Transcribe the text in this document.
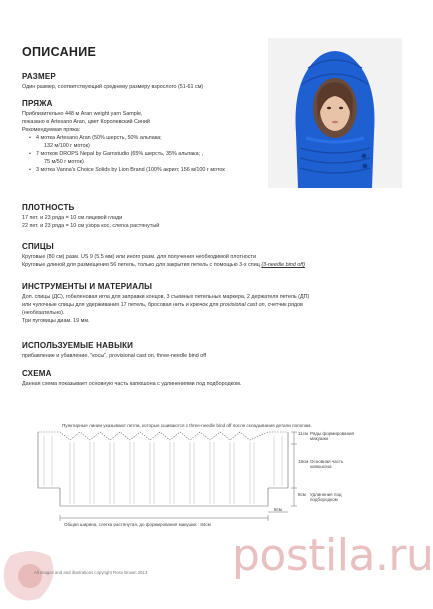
ОПИСАНИЕ
РАЗМЕР
Один размер, соответствующий среднему размеру взрослого (51-61 см)
ПРЯЖА
Приблизительно 448 м Aran weight yarn Sample,
показано в Artesano Aran, цвет Королевский Синий
Рекомендуемая пряжа:
• 4 мотка Artesano Aran (50% шерсть, 50% альпака;
132 м/100 г моток)
• 7 мотков DROPS Nepal by Garnstudio (65% шерсть, 35% альпака; ,
75 м/50 г моток)
• 3 мотка Vanna's Choice Solids by Lion Brand (100% акрил; 156 м/100 г моток
ПЛОТНОСТЬ
17 пет. и 23 ряда = 10 см лицевой глади
22 пет. и 23 ряда = 10 см узора кос, слегка растянутый
СПИЦЫ
Круговые (80 см) разм. US 9 (5.5 мм) или иного разм. для получения необходимой плотности
Круговые длиной для размещения 56 петель, только для закрытия петель с помощью 3-х спиц (3-needle bind off)
ИНСТРУМЕНТЫ И МАТЕРИАЛЫ
Доп. спицы (ДС), гобеленовая игла для заправки концов, 3 съемных петельных маркера, 2 держателя петель (ДП)
или чулочные спицы для удерживания 17 петель, бросовая нить и крючок для provisional cast on, счетчик рядов
(необязательно).
Три пуговицы диам. 19 мм.
ИСПОЛЬЗУЕМЫЕ НАВЫКИ
прибавление и убавление, "косы", provisional cast on, three-needle bind off
СХЕМА
Данная схема показывает основную часть капюшона с удлинениями под подбородком.
Пунктирные линии указывают петли, которые сшиваются с three-needle bind off после складывания детали пополам.
11см Ряды формирования
макушки
18см Основная часть
капюшона
8см Удлинение под
подбородком
8см
Общая ширина, слегка растянутая, до формирования макушки : 84см
All images and and illustrations copyright Rose Brown 2013 postila.ru
